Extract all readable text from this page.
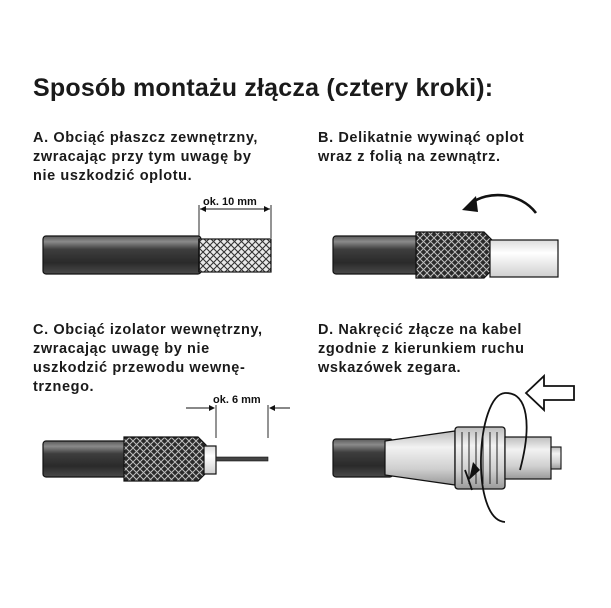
Sposób montażu złącza (cztery kroki):
A. Obciąć płaszcz zewnętrzny,
zwracając przy tym uwagę by
nie uszkodzić oplotu.
B. Delikatnie wywinąć oplot
wraz z folią na zewnątrz.
C. Obciąć izolator wewnętrzny,
zwracając uwagę by nie
uszkodzić przewodu wewnę-
trznego.
D. Nakręcić złącze na kabel
zgodnie z kierunkiem ruchu
wskazówek zegara.
ok. 10 mm
ok. 6 mm
